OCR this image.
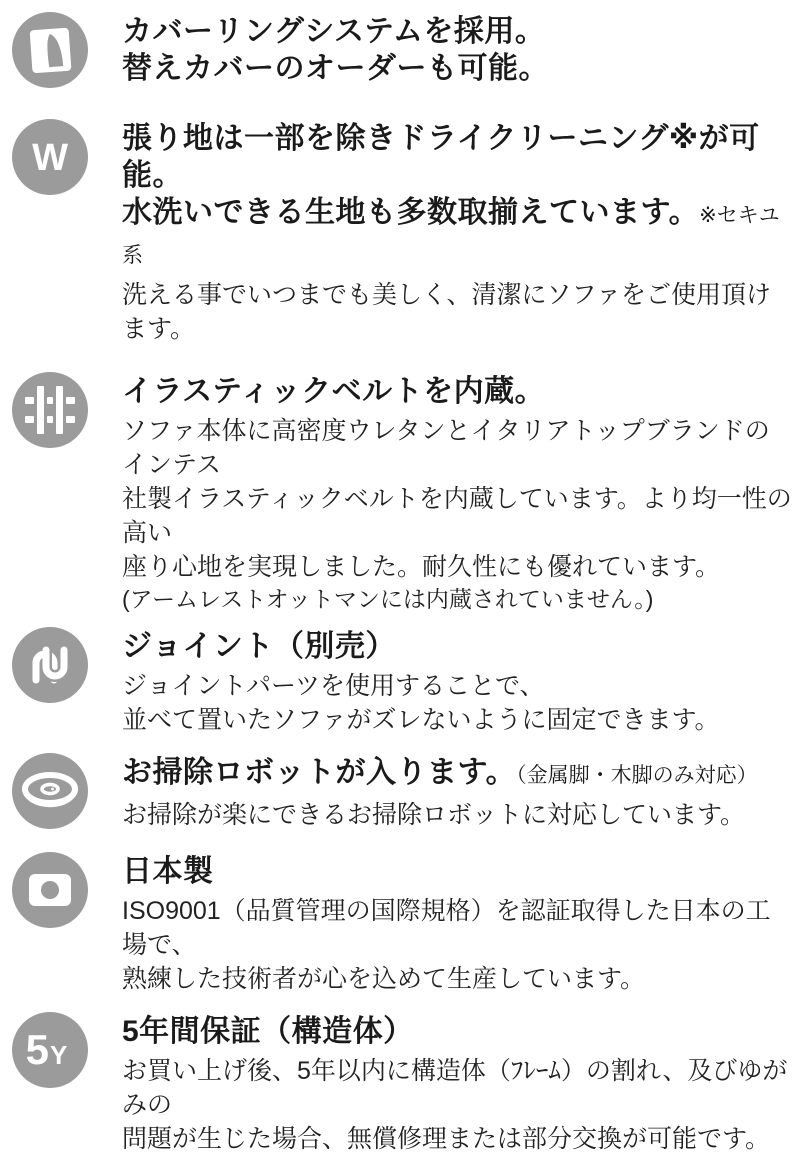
カバーリングシステムを採用。
替えカバーのオーダーも可能。
W 張り地は一部を除きドライクリーニング※が可能。
水洗いできる生地も多数取揃えています。※セキユ系
洗える事でいつまでも美しく、清潔にソファをご使用頂けます。
イラスティックベルトを内蔵。
ソファ本体に高密度ウレタンとイタリアトップブランドのインテス
社製イラスティックベルトを内蔵しています。より均一性の高い
座り心地を実現しました。耐久性にも優れています。
(アームレストオットマンには内蔵されていません。)
ジョイント（別売）
ジョイントパーツを使用することで、
並べて置いたソファがズレないように固定できます。
お掃除ロボットが入ります。（金属脚・木脚のみ対応）
お掃除が楽にできるお掃除ロボットに対応しています。
日本製
ISO9001（品質管理の国際規格）を認証取得した日本の工場で、
熟練した技術者が心を込めて生産しています。
5 Y
5年間保証（構造体）
お買い上げ後、5年以内に構造体（ﾌﾚｰﾑ）の割れ、及びゆがみの
問題が生じた場合、無償修理または部分交換が可能です。
